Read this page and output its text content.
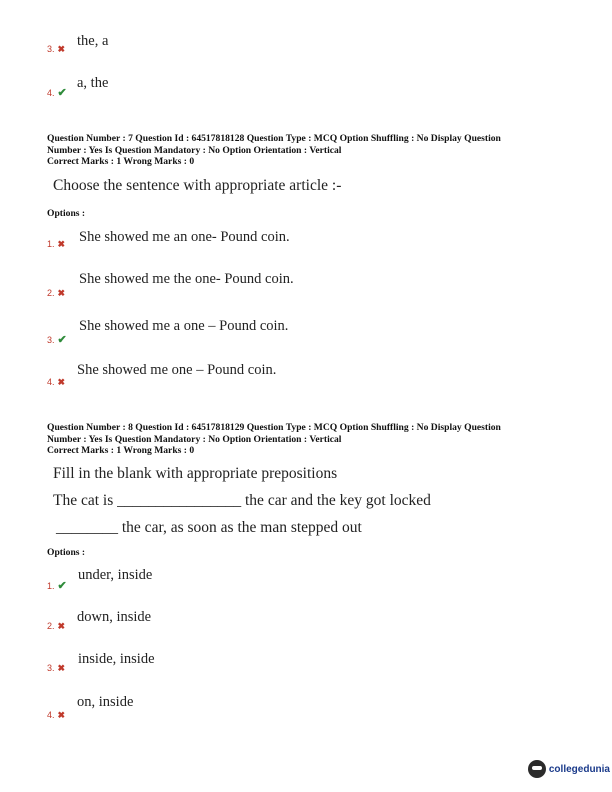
3. ✖ the, a
4. ✔
a, the
Question Number : 7 Question Id : 64517818128 Question Type : MCQ Option Shuffling : No Display Question
Number : Yes Is Question Mandatory : No Option Orientation : Vertical
Correct Marks : 1 Wrong Marks : 0
Choose the sentence with appropriate article :-
Options :
1. ✖ She showed me an one- Pound coin.
2. ✖
She showed me the one- Pound coin.
3. ✔
She showed me a one – Pound coin.
4. ✖
She showed me one – Pound coin.
Question Number : 8 Question Id : 64517818129 Question Type : MCQ Option Shuffling : No Display Question
Number : Yes Is Question Mandatory : No Option Orientation : Vertical
Correct Marks : 1 Wrong Marks : 0
Fill in the blank with appropriate prepositions
The cat is ________________ the car and the key got locked
________ the car, as soon as the man stepped out
Options :
1. ✔
under, inside
2. ✖
down, inside
3. ✖
inside, inside
4. ✖
on, inside
collegedunia
